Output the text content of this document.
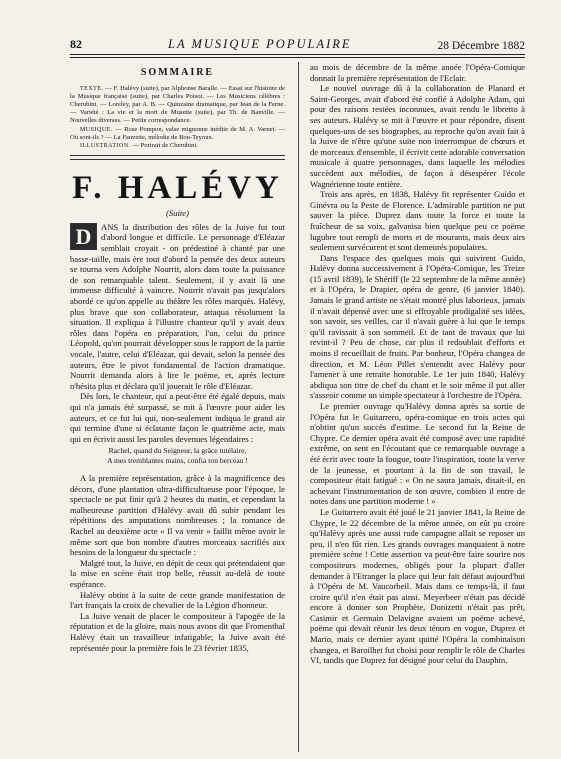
82	LA MUSIQUE POPULAIRE	28 Décembre 1882
SOMMAIRE

TEXTE. — F. Halévy (suite), par Alphonse Baralle. — Essai sur l'histoire de la Musique française (suite), par Charles Poisot. — Les Musiciens célèbres : Cherubini. — Loreley, par A. B. — Quinzaine dramatique, par Jean de la Ferne. — Variété : La vie et la mort de Musette (suite), par Th. de Banville. — Nouvelles diverses. — Petite correspondance.

MUSIQUE. — Rose Pompon, valse mignonne inédite de M. A. Varnet. — Où sont-ils ? — La Fauvette, mélodie de Bou-Teyoux.

ILLUSTRATION. — Portrait de Cherubini.

F. HALÉVY
(Suite)
D	ANS la distribution des rôles de la Juive fut tout d'abord longue et difficile. Le personnage d'Eléazar semblait croyait - on prédestiné à chanté par une basse-taille, mais ère tout d'abord la pensée des deux auteurs se tourna vers Adolphe Nourrit, alors dans toute la puissance de son remarquable talent. Seulement, il y avait là une immense difficulté à vaincre. Nourrit n'avait pas jusqu'alors abordé ce qu'on appelle au théâtre les rôles marqués. Halévy, plus brave que son collaborateur, attaqua résolument la situation. Il expliqua à l'illustre chanteur qu'il y avait deux rôles dans l'opéra en préparation, l'un, celui du prince Léopold, qu'on pourrait développer sous le rapport de la partie vocale, l'autre, celui d'Eléazar, qui devait, selon la pensée des auteurs, être le pivot fondamental de l'action dramatique. Nourrit demanda alors à lire le poëme, et, après lecture n'hésita plus et déclara qu'il jouerait le rôle d'Eléazar.

Dès lors, le chanteur, qui a peut-être été égalé depuis, mais qui n'a jamais été surpassé, se mit à l'œuvre pour aider les auteurs, et ce fut lui qui, non-seulement indiqua le grand air qui termine d'une si éclatante façon le quatrième acte, mais qui en écrivit aussi les paroles devenues légendaires :

Rachel, quand du Seigneur, la grâce tutélaire,
A mes tremblantes mains, confia ton berceau !

A la première représentation, grâce à la magnificence des décors, d'une plantation ultra-difficultueuse pour l'époque, le spectacle ne put finir qu'à 2 heures du matin, et cependant la malheureuse partition d'Halévy avait dû subir pendant les répétitions des amputations nombreuses ; la romance de Rachel au deuxième acte « Il va venir » faillit même avoir le même sort que bon nombre d'autres morceaux sacrifiés aux besoins de la longueur du spectacle :

Malgré tout, la Juive, en dépit de ceux qui prétendaient que la mise en scène était trop belle, réussit au-delà de toute espérance.

Halévy obtint à la suite de cette grande manifestation de l'art français la croix de chevalier de la Légion d'honneur.

La Juive venait de placer le compositeur à l'apogée de la réputation et de la gloire, mais nous avons dit que Fromenthal Halévy était un travailleur infatigable; la Juive avait été représentée pour la première fois le 23 février 1835,

au mois de décembre de la même année l'Opéra-Comique donnait la première représentation de l'Eclair.

Le nouvel ouvrage dû à la collaboration de Planard et Saint-Georges, avait d'abord été confié à Adolphe Adam, qui pour des raisons restées inconnues, avait rendu le libretto à ses auteurs. Halévy se mit à l'œuvre et pour répondre, disent quelques-uns de ses biographes, au reproche qu'on avait fait à la Juive de n'être qu'une suite non interrompue de chœurs et de morceaux d'ensemble, il écrivit cette adorable conversation musicale à quatre personnages, dans laquelle les mélodies succèdent aux mélodies, de façon à désespérer l'école Wagnérienne toute entière.

Trois ans après, en 1838, Halévy fit représenter Guido et Ginévra ou la Peste de Florence. L'admirable partition ne put sauver la pièce. Duprez dans toute la force et toute la fraîcheur de sa voix, galvanisa bien quelque peu ce poëme lugubre tout rempli de morts et de mourants, mais deux airs seulement survécurent et sont demeurés populaires.

Dans l'espace des quelques mois qui suivirent Guido, Halévy donna successivement à l'Opéra-Comique, les Treize (15 avril 1839), le Shériff (le 22 septembre de la même année) et à l'Opéra, le Drapier, opéra de genre, (6 janvier 1840). Jamais le grand artiste ne s'était montré plus laborieux, jamais il n'avait dépensé avec une si effroyable prodigalité ses idées, son savoir, ses veilles, car il n'avait guère à lui que le temps qu'il ravissait à son sommeil. Et de tant de travaux que lui revint-il ? Peu de chose, car plus il redoublait d'efforts et moins il recueillait de fruits. Par bonheur, l'Opéra changea de direction, et M. Léon Pillet s'entendit avec Halévy pour l'amener à une retraite honorable. Le 1er juin 1840, Halévy abdiqua son titre de chef du chant et le soir même il put aller s'asseoir comme un simple spectateur à l'orchestre de l'Opéra.

Le premier ouvrage qu'Halévy donna après sa sortie de l'Opéra fut le Guitarrero, opéra-comique en trois actes qui n'obtint qu'un succès d'estime. Le second fut la Reine de Chypre. Ce dernier opéra avait été composé avec une rapidité extrême, on sent en l'écoutant que ce remarquable ouvrage a été écrit avec toute la fougue, toute l'inspiration, toute la verve de la jeunesse, et pourtant à la fin de son travail, le compositeur était fatigué : « On ne saura jamais, disait-il, en achevant l'instrumentation de son œuvre, combien il entre de notes dans une partition moderne ! »

Le Guitarrero avait été joué le 21 janvier 1841, la Reine de Chypre, le 22 décembre de la même année, on eût pu croire qu'Halévy après une aussi rude campagne allait se reposer un peu, il n'en fût rien. Les grands ouvrages manquaient à notre première scène ! Cette assertion va peut-être faire sourire nos compositeurs modernes, obligés pour la plupart d'aller demander à l'Etranger la place qui leur fait défaut aujourd'hui à l'Opéra de M. Vaucorbeil. Mais dans ce temps-là, il faut croire qu'il n'en était pas ainsi. Meyerbeer n'était pas décidé encore à donner son Prophète, Donizetti n'était pas prêt, Casimir et Germain Delavigne avaient un poëme achevé, poëme qui devait réunir les deux ténors en vogue, Duprez et Mario, mais ce dernier ayant quitté l'Opéra la combinaison changea, et Baroilhet fut choisi pour remplir le rôle de Charles VI, tandis que Duprez fut désigné pour celui du Dauphin.
